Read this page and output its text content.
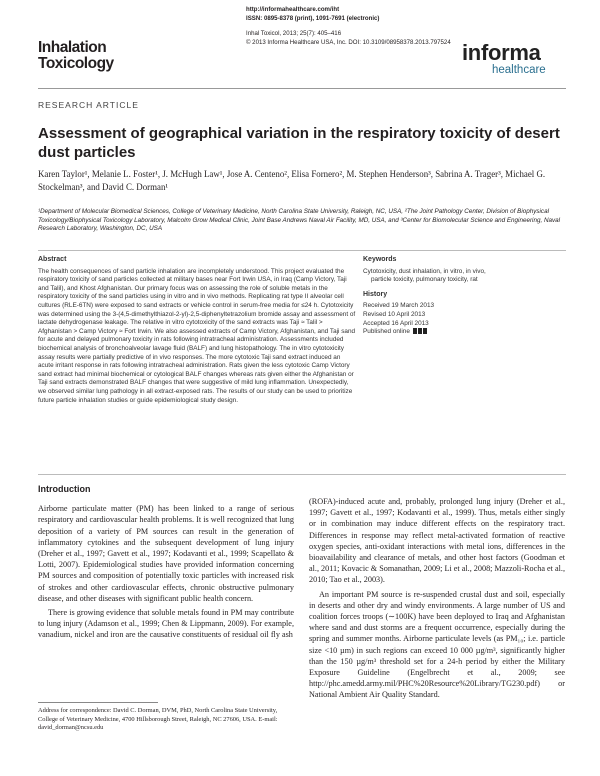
Inhalation
Toxicology
http://informahealthcare.com/iht
ISSN: 0895-8378 (print), 1091-7691 (electronic)
Inhal Toxicol, 2013; 25(7): 405–416
© 2013 Informa Healthcare USA, Inc. DOI: 10.3109/08958378.2013.797524 informa
healthcare
RESEARCH ARTICLE
Assessment of geographical variation in the respiratory toxicity of desert dust particles
Karen Taylor¹, Melanie L. Foster¹, J. McHugh Law¹, Jose A. Centeno², Elisa Fornero², M. Stephen Henderson³, Sabrina A. Trager³, Michael G. Stockelman³, and David C. Dorman¹
¹Department of Molecular Biomedical Sciences, College of Veterinary Medicine, North Carolina State University, Raleigh, NC, USA, ²The Joint Pathology Center, Division of Biophysical Toxicology/Biophysical Toxicology Laboratory, Malcolm Grow Medical Clinic, Joint Base Andrews Naval Air Facility, MD, USA, and ³Center for Biomolecular Science and Engineering, Naval Research Laboratory, Washington, DC, USA
Abstract

The health consequences of sand particle inhalation are incompletely understood. This project evaluated the respiratory toxicity of sand particles collected at military bases near Fort Irwin USA, in Iraq (Camp Victory, Taji and Talil), and Khost Afghanistan. Our primary focus was on assessing the role of soluble metals in the respiratory toxicity of the sand particles using in vitro and in vivo methods. Replicating rat type II alveolar cell cultures (RLE-6TN) were exposed to sand extracts or vehicle control in serum-free media for ≤24 h. Cytotoxicity was determined using the 3-(4,5-dimethylthiazol-2-yl)-2,5-diphenyltetrazolium bromide assay and assessment of lactate dehydrogenase leakage. The relative in vitro cytotoxicity of the sand extracts was Taji ≈ Talil > Afghanistan > Camp Victory ≈ Fort Irwin. We also assessed extracts of Camp Victory, Afghanistan, and Taji sand for acute and delayed pulmonary toxicity in rats following intratracheal administration. Assessments included biochemical analysis of bronchoalveolar lavage fluid (BALF) and lung histopathology. The in vitro cytotoxicity assay results were partially predictive of in vivo responses. The more cytotoxic Taji sand extract induced an acute irritant response in rats following intratracheal administration. Rats given the less cytotoxic Camp Victory sand extract had minimal biochemical or cytological BALF changes whereas rats given either the Afghanistan or Taji sand extracts demonstrated BALF changes that were suggestive of mild lung inflammation. Unexpectedly, we observed similar lung pathology in all extract-exposed rats. The results of our study can be used to prioritize future particle inhalation studies or guide epidemiological study design.

Keywords
Cytotoxicity, dust inhalation, in vitro, in vivo,
particle toxicity, pulmonary toxicity, rat
History
Received 19 March 2013
Revised 10 April 2013
Accepted 16 April 2013
Published online
Introduction

Airborne particulate matter (PM) has been linked to a range of serious respiratory and cardiovascular health problems. It is well recognized that lung deposition of a variety of PM sources can result in the generation of inflammatory cytokines and the subsequent development of lung injury (Dreher et al., 1997; Gavett et al., 1997; Kodavanti et al., 1999; Scapellato & Lotti, 2007). Epidemiological studies have provided information concerning PM sources and composition of potentially toxic particles with increased risk of strokes and other cardiovascular effects, chronic obstructive pulmonary disease, and other diseases with significant public health concern.

There is growing evidence that soluble metals found in PM may contribute to lung injury (Adamson et al., 1999; Chen & Lippmann, 2009). For example, vanadium, nickel and iron are the causative constituents of residual oil fly ash

(ROFA)-induced acute and, probably, prolonged lung injury (Dreher et al., 1997; Gavett et al., 1997; Kodavanti et al., 1999). Thus, metals either singly or in combination may induce different effects on the respiratory tract. Differences in response may reflect metal-activated formation of reactive oxygen species, anti-oxidant interactions with metal ions, differences in the bioavailability and clearance of metals, and other host factors (Goodman et al., 2011; Kovacic & Somanathan, 2009; Li et al., 2008; Mazzoli-Rocha et al., 2010; Tao et al., 2003).

An important PM source is re-suspended crustal dust and soil, especially in deserts and other dry and windy environments. A large number of US and coalition forces troops (∼100K) have been deployed to Iraq and Afghanistan where sand and dust storms are a frequent occurrence, especially during the spring and summer months. Airborne particulate levels (as PM₁₀; i.e. particle size <10 µm) in such regions can exceed 10 000 µg/m³, significantly higher than the 150 µg/m³ threshold set for a 24-h period by either the Military Exposure Guideline (Engelbrecht et al., 2009; see http://phc.amedd.army.mil/PHC%20Resource%20Library/TG230.pdf) or National Ambient Air Quality Standard.

Address for correspondence: David C. Dorman, DVM, PhD, North Carolina State University, College of Veterinary Medicine, 4700 Hillsborough Street, Raleigh, NC 27606, USA. E-mail: david_dorman@ncsu.edu
